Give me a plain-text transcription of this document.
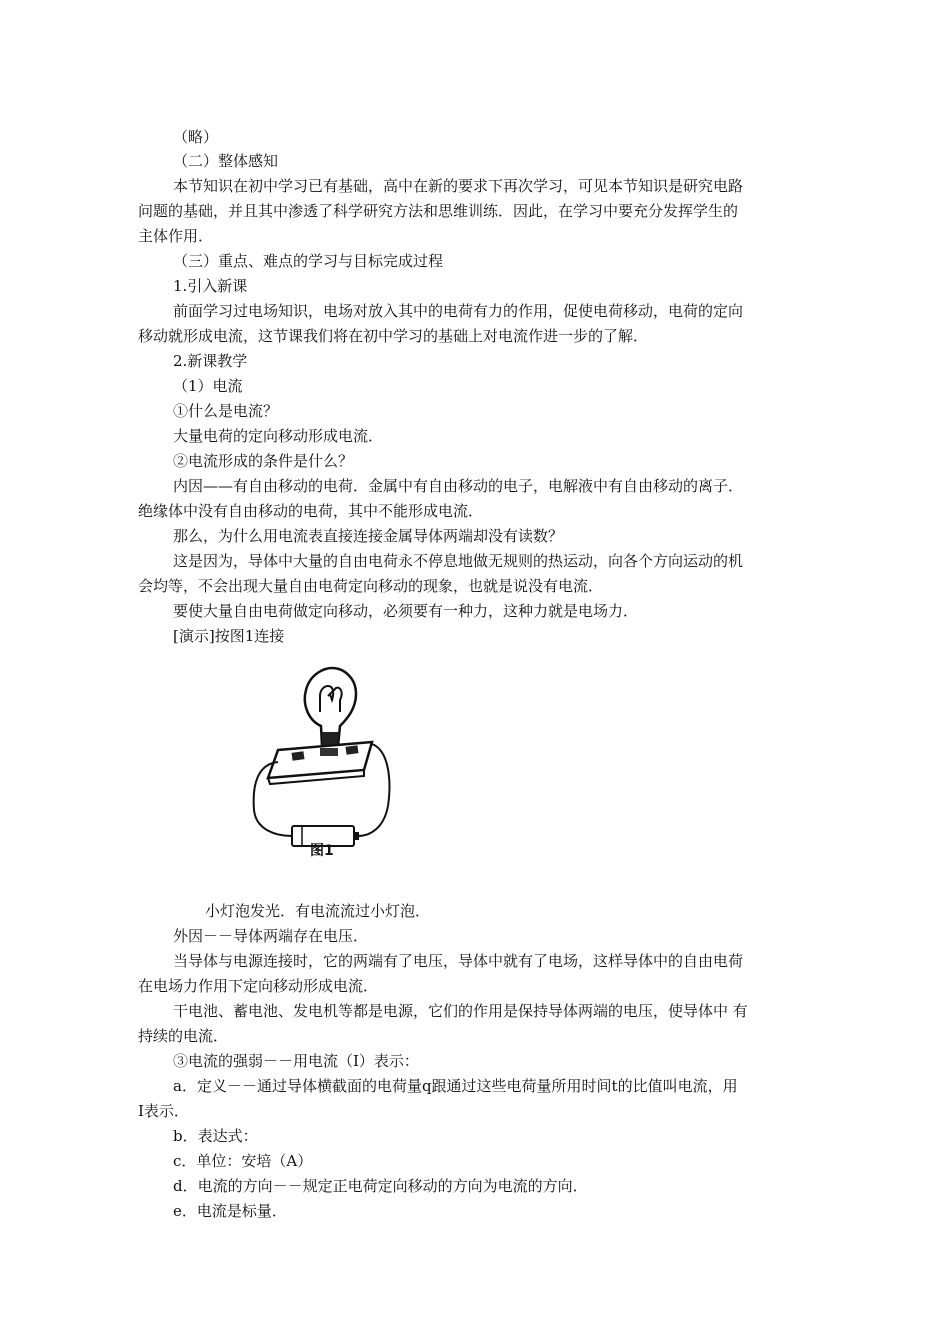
（略）
（二）整体感知
本节知识在初中学习已有基础，高中在新的要求下再次学习，可见本节知识是研究电路
问题的基础，并且其中渗透了科学研究方法和思维训练．因此，在学习中要充分发挥学生的
主体作用．
（三）重点、难点的学习与目标完成过程
1.引入新课
前面学习过电场知识，电场对放入其中的电荷有力的作用，促使电荷移动，电荷的定向
移动就形成电流，这节课我们将在初中学习的基础上对电流作进一步的了解．
2.新课教学
（1）电流
①什么是电流？
大量电荷的定向移动形成电流．
②电流形成的条件是什么？
内因——有自由移动的电荷．金属中有自由移动的电子，电解液中有自由移动的离子．
绝缘体中没有自由移动的电荷，其中不能形成电流．
那么，为什么用电流表直接连接金属导体两端却没有读数？
这是因为，导体中大量的自由电荷永不停息地做无规则的热运动，向各个方向运动的机
会均等，不会出现大量自由电荷定向移动的现象，也就是说没有电流．
要使大量自由电荷做定向移动，必须要有一种力，这种力就是电场力．
[演示]按图1连接
图1
小灯泡发光．有电流流过小灯泡．
外因－－导体两端存在电压．
当导体与电源连接时，它的两端有了电压，导体中就有了电场，这样导体中的自由电荷
在电场力作用下定向移动形成电流．
干电池、蓄电池、发电机等都是电源，它们的作用是保持导体两端的电压，使导体中 有
持续的电流．
③电流的强弱－－用电流（I）表示：
a．定义－－通过导体横截面的电荷量q跟通过这些电荷量所用时间t的比值叫电流，用
I表示．
b．表达式：
c．单位：安培（A）
d．电流的方向－－规定正电荷定向移动的方向为电流的方向．
e．电流是标量．
